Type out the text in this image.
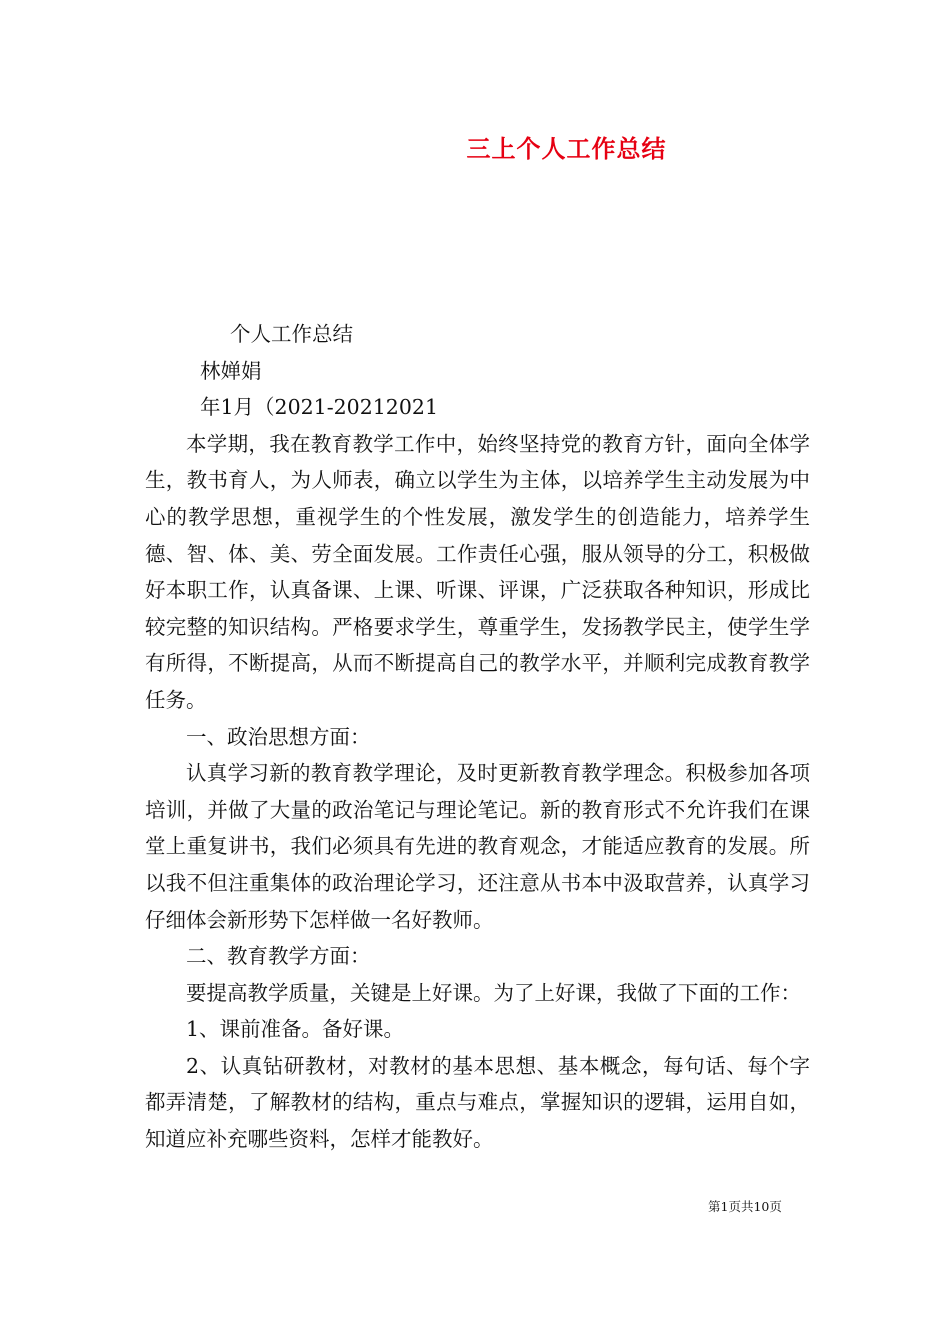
三上个人工作总结

个人工作总结

林婵娟

年1月（2021-20212021

本学期，我在教育教学工作中，始终坚持党的教育方针，面向全体学生，教书育人，为人师表，确立以学生为主体，以培养学生主动发展为中心的教学思想，重视学生的个性发展，激发学生的创造能力，培养学生德、智、体、美、劳全面发展。工作责任心强，服从领导的分工，积极做好本职工作，认真备课、上课、听课、评课，广泛获取各种知识，形成比较完整的知识结构。严格要求学生，尊重学生，发扬教学民主，使学生学有所得，不断提高，从而不断提高自己的教学水平，并顺利完成教育教学任务。

一、政治思想方面：

认真学习新的教育教学理论，及时更新教育教学理念。积极参加各项培训，并做了大量的政治笔记与理论笔记。新的教育形式不允许我们在课堂上重复讲书，我们必须具有先进的教育观念，才能适应教育的发展。所以我不但注重集体的政治理论学习，还注意从书本中汲取营养，认真学习仔细体会新形势下怎样做一名好教师。

二、教育教学方面：

要提高教学质量，关键是上好课。为了上好课，我做了下面的工作：

1、课前准备。备好课。

2、认真钻研教材，对教材的基本思想、基本概念，每句话、每个字都弄清楚，了解教材的结构，重点与难点，掌握知识的逻辑，运用自如，知道应补充哪些资料，怎样才能教好。

第1页共10页
